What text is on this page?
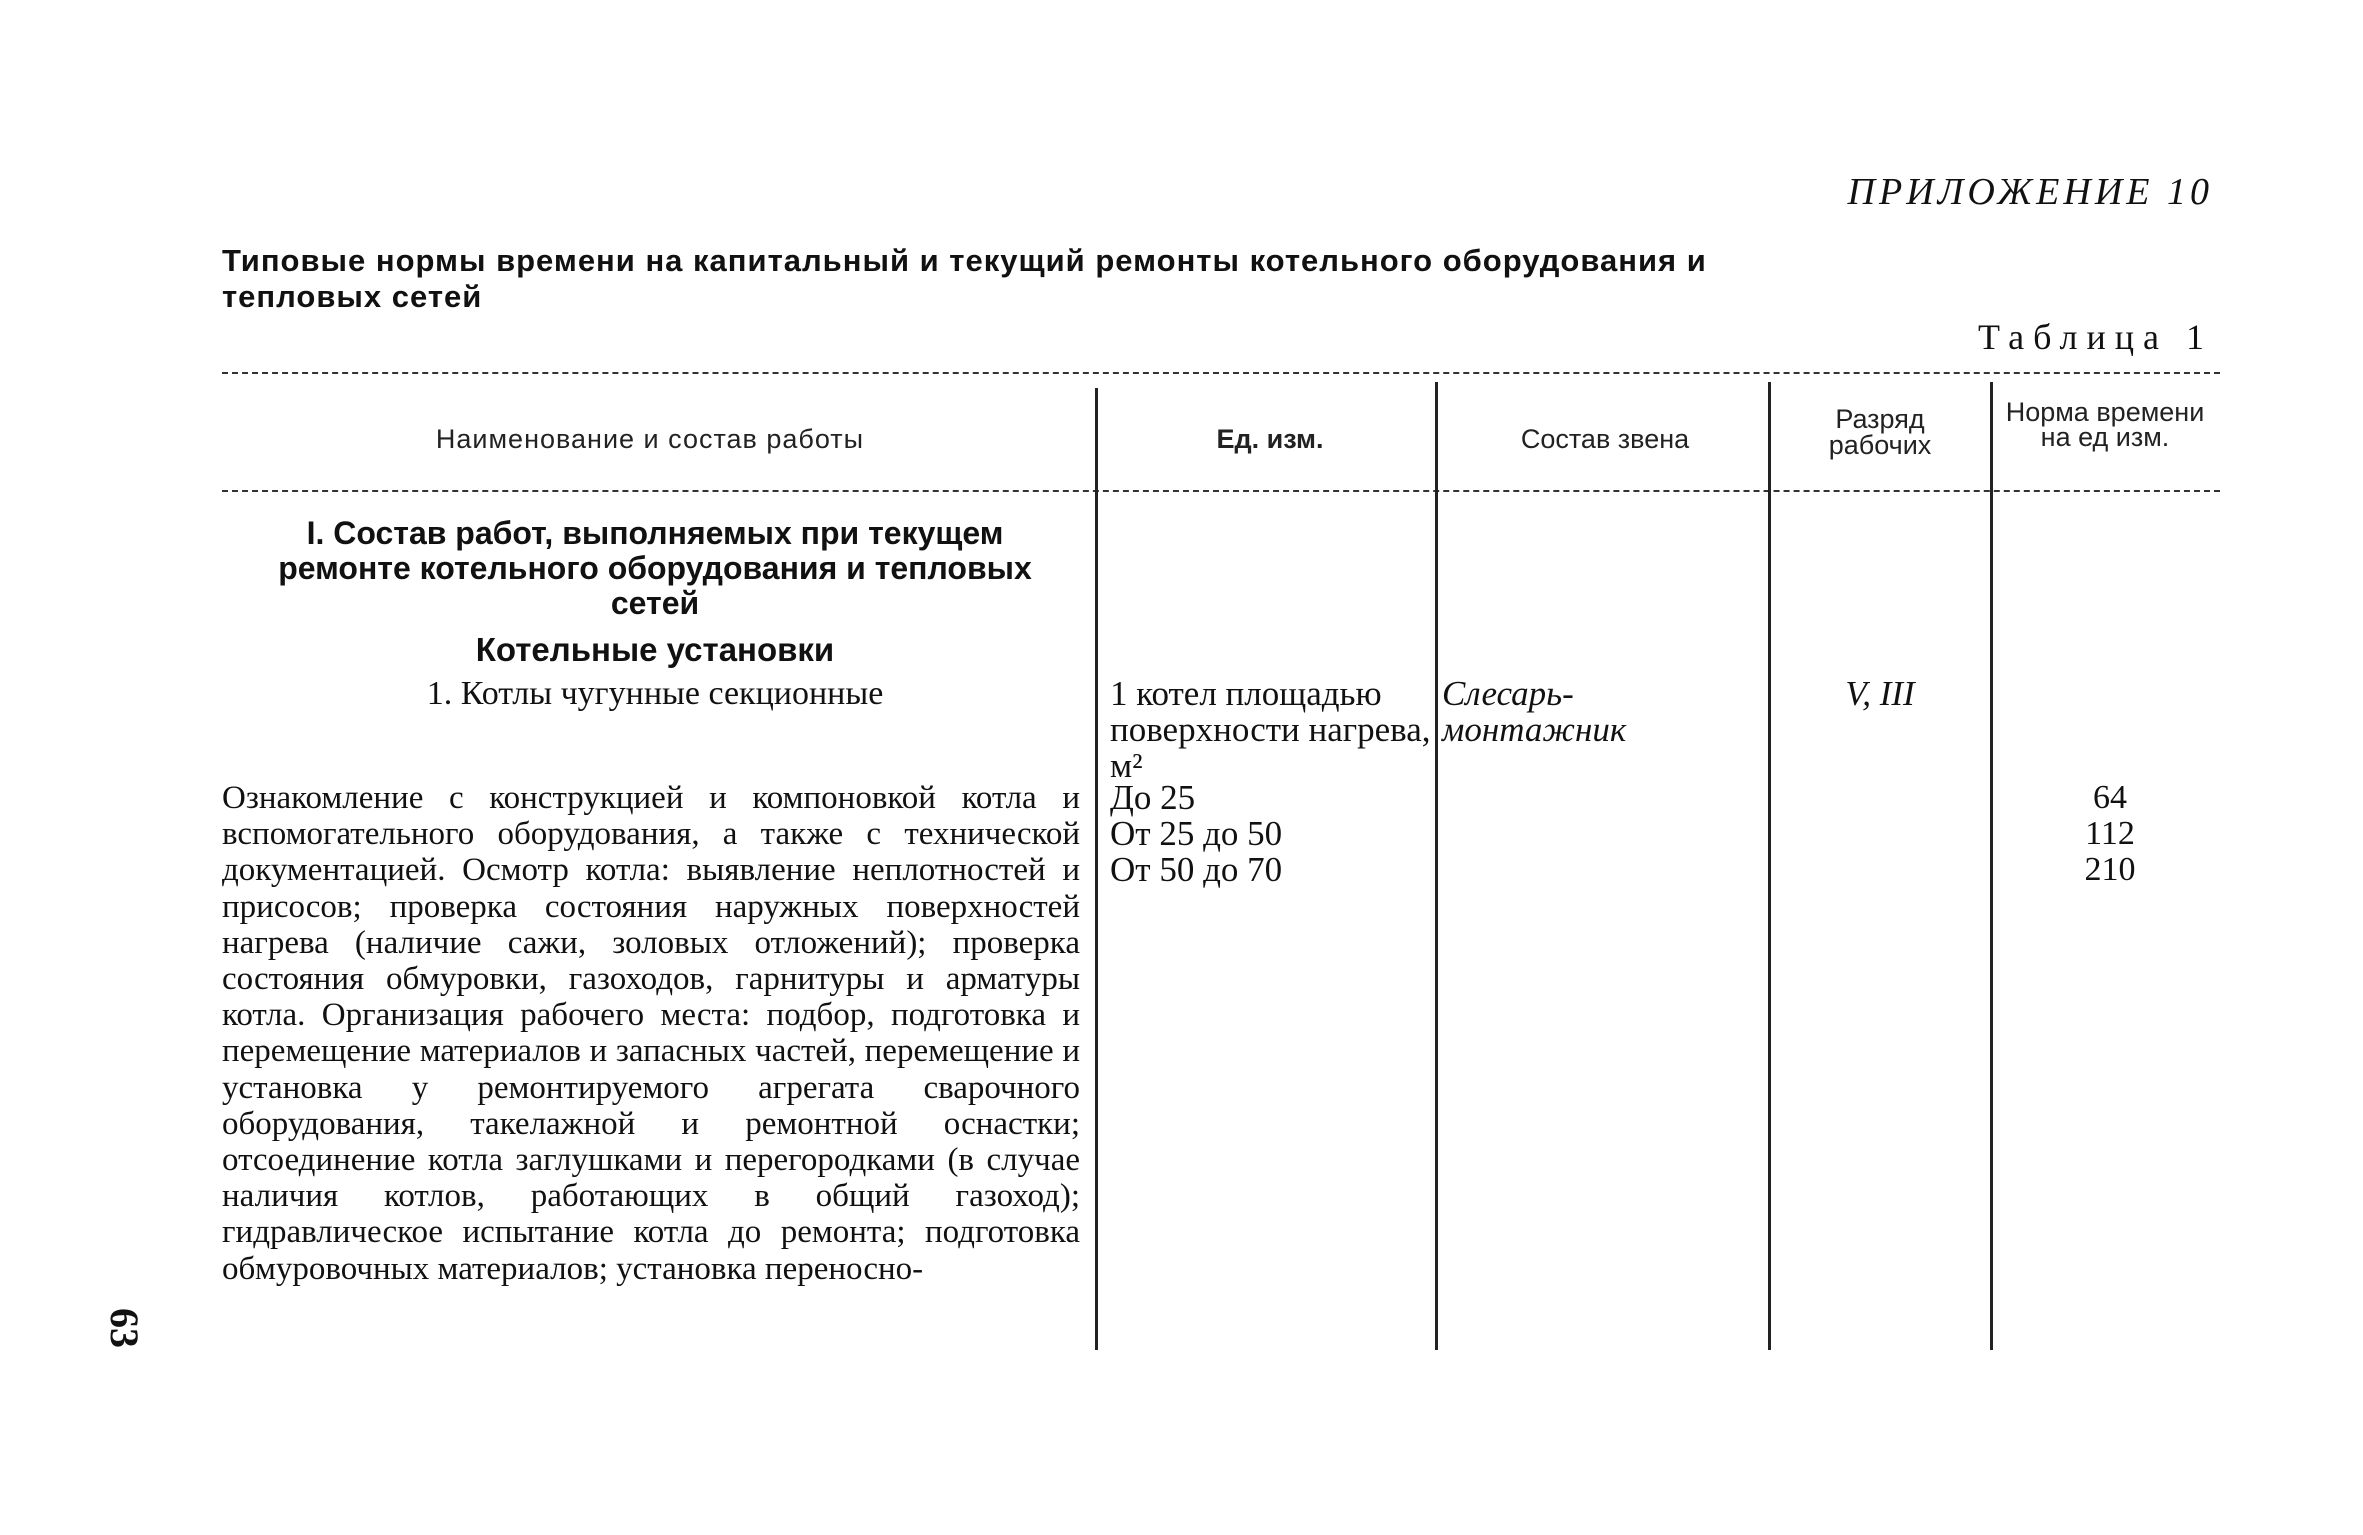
ПРИЛОЖЕНИЕ 10
Типовые нормы времени на капитальный и текущий ремонты котельного оборудования и тепловых сетей
Таблица 1
Наименование и состав работы	Ед. изм.	Состав звена
Разряд рабочих
Норма времени на ед изм.
I. Состав работ, выполняемых при текущем ремонте котельного оборудования и тепловых сетей
Котельные установки
1. Котлы чугунные секционные
Ознакомление с конструкцией и компоновкой котла и вспомогательного оборудования, а также с технической документацией. Осмотр котла: выявление неплотностей и присосов; проверка состояния наружных поверхностей нагрева (наличие сажи, золовых отложений); проверка состояния обмуровки, газоходов, гарнитуры и арматуры котла. Организация рабочего места: подбор, подготовка и перемещение материалов и запасных частей, перемещение и установка у ремонтируемого агрегата сварочного оборудования, такелажной и ремонтной оснастки; отсоединение котла заглушками и перегородками (в случае наличия котлов, работающих в общий газоход); гидравлическое испытание котла до ремонта; подготовка обмуровочных материалов; установка переносно-
1 котел площадью поверхности нагрева, м²
До 25
От 25 до 50
От 50 до 70
Слесарь-монтажник
V, III
64
112
210
63
